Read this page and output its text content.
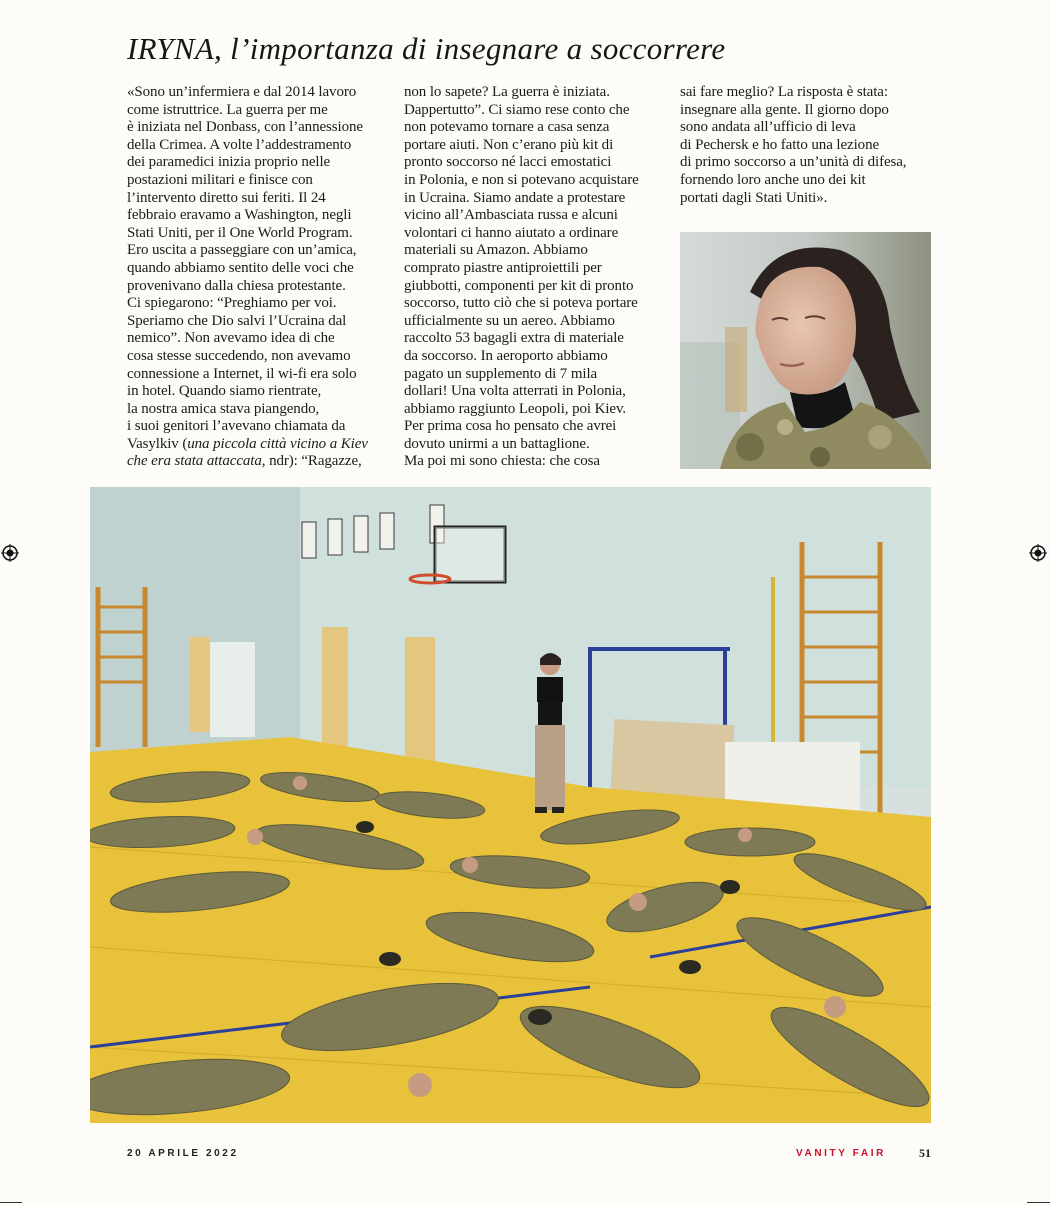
IRYNA, l’importanza di insegnare a soccorrere

«Sono un’infermiera e dal 2014 lavoro
come istruttrice. La guerra per me
è iniziata nel Donbass, con l’annessione
della Crimea. A volte l’addestramento
dei paramedici inizia proprio nelle
postazioni militari e finisce con
l’intervento diretto sui feriti. Il 24
febbraio eravamo a Washington, negli
Stati Uniti, per il One World Program.
Ero uscita a passeggiare con un’amica,
quando abbiamo sentito delle voci che
provenivano dalla chiesa protestante.
Ci spiegarono: “Preghiamo per voi.
Speriamo che Dio salvi l’Ucraina dal
nemico”. Non avevamo idea di che
cosa stesse succedendo, non avevamo
connessione a Internet, il wi-fi era solo
in hotel. Quando siamo rientrate,
la nostra amica stava piangendo,
i suoi genitori l’avevano chiamata da
Vasylkiv (una piccola città vicino a Kiev
che era stata attaccata, ndr): “Ragazze,

non lo sapete? La guerra è iniziata.
Dappertutto”. Ci siamo rese conto che
non potevamo tornare a casa senza
portare aiuti. Non c’erano più kit di
pronto soccorso né lacci emostatici
in Polonia, e non si potevano acquistare
in Ucraina. Siamo andate a protestare
vicino all’Ambasciata russa e alcuni
volontari ci hanno aiutato a ordinare
materiali su Amazon. Abbiamo
comprato piastre antiproiettili per
giubbotti, componenti per kit di pronto
soccorso, tutto ciò che si poteva portare
ufficialmente su un aereo. Abbiamo
raccolto 53 bagagli extra di materiale
da soccorso. In aeroporto abbiamo
pagato un supplemento di 7 mila
dollari! Una volta atterrati in Polonia,
abbiamo raggiunto Leopoli, poi Kiev.
Per prima cosa ho pensato che avrei
dovuto unirmi a un battaglione.
Ma poi mi sono chiesta: che cosa

sai fare meglio? La risposta è stata:
insegnare alla gente. Il giorno dopo
sono andata all’ufficio di leva
di Pechersk e ho fatto una lezione
di primo soccorso a un’unità di difesa,
fornendo loro anche uno dei kit
portati dagli Stati Uniti».

20 APRILE 2022	VANITY FAIR	51
